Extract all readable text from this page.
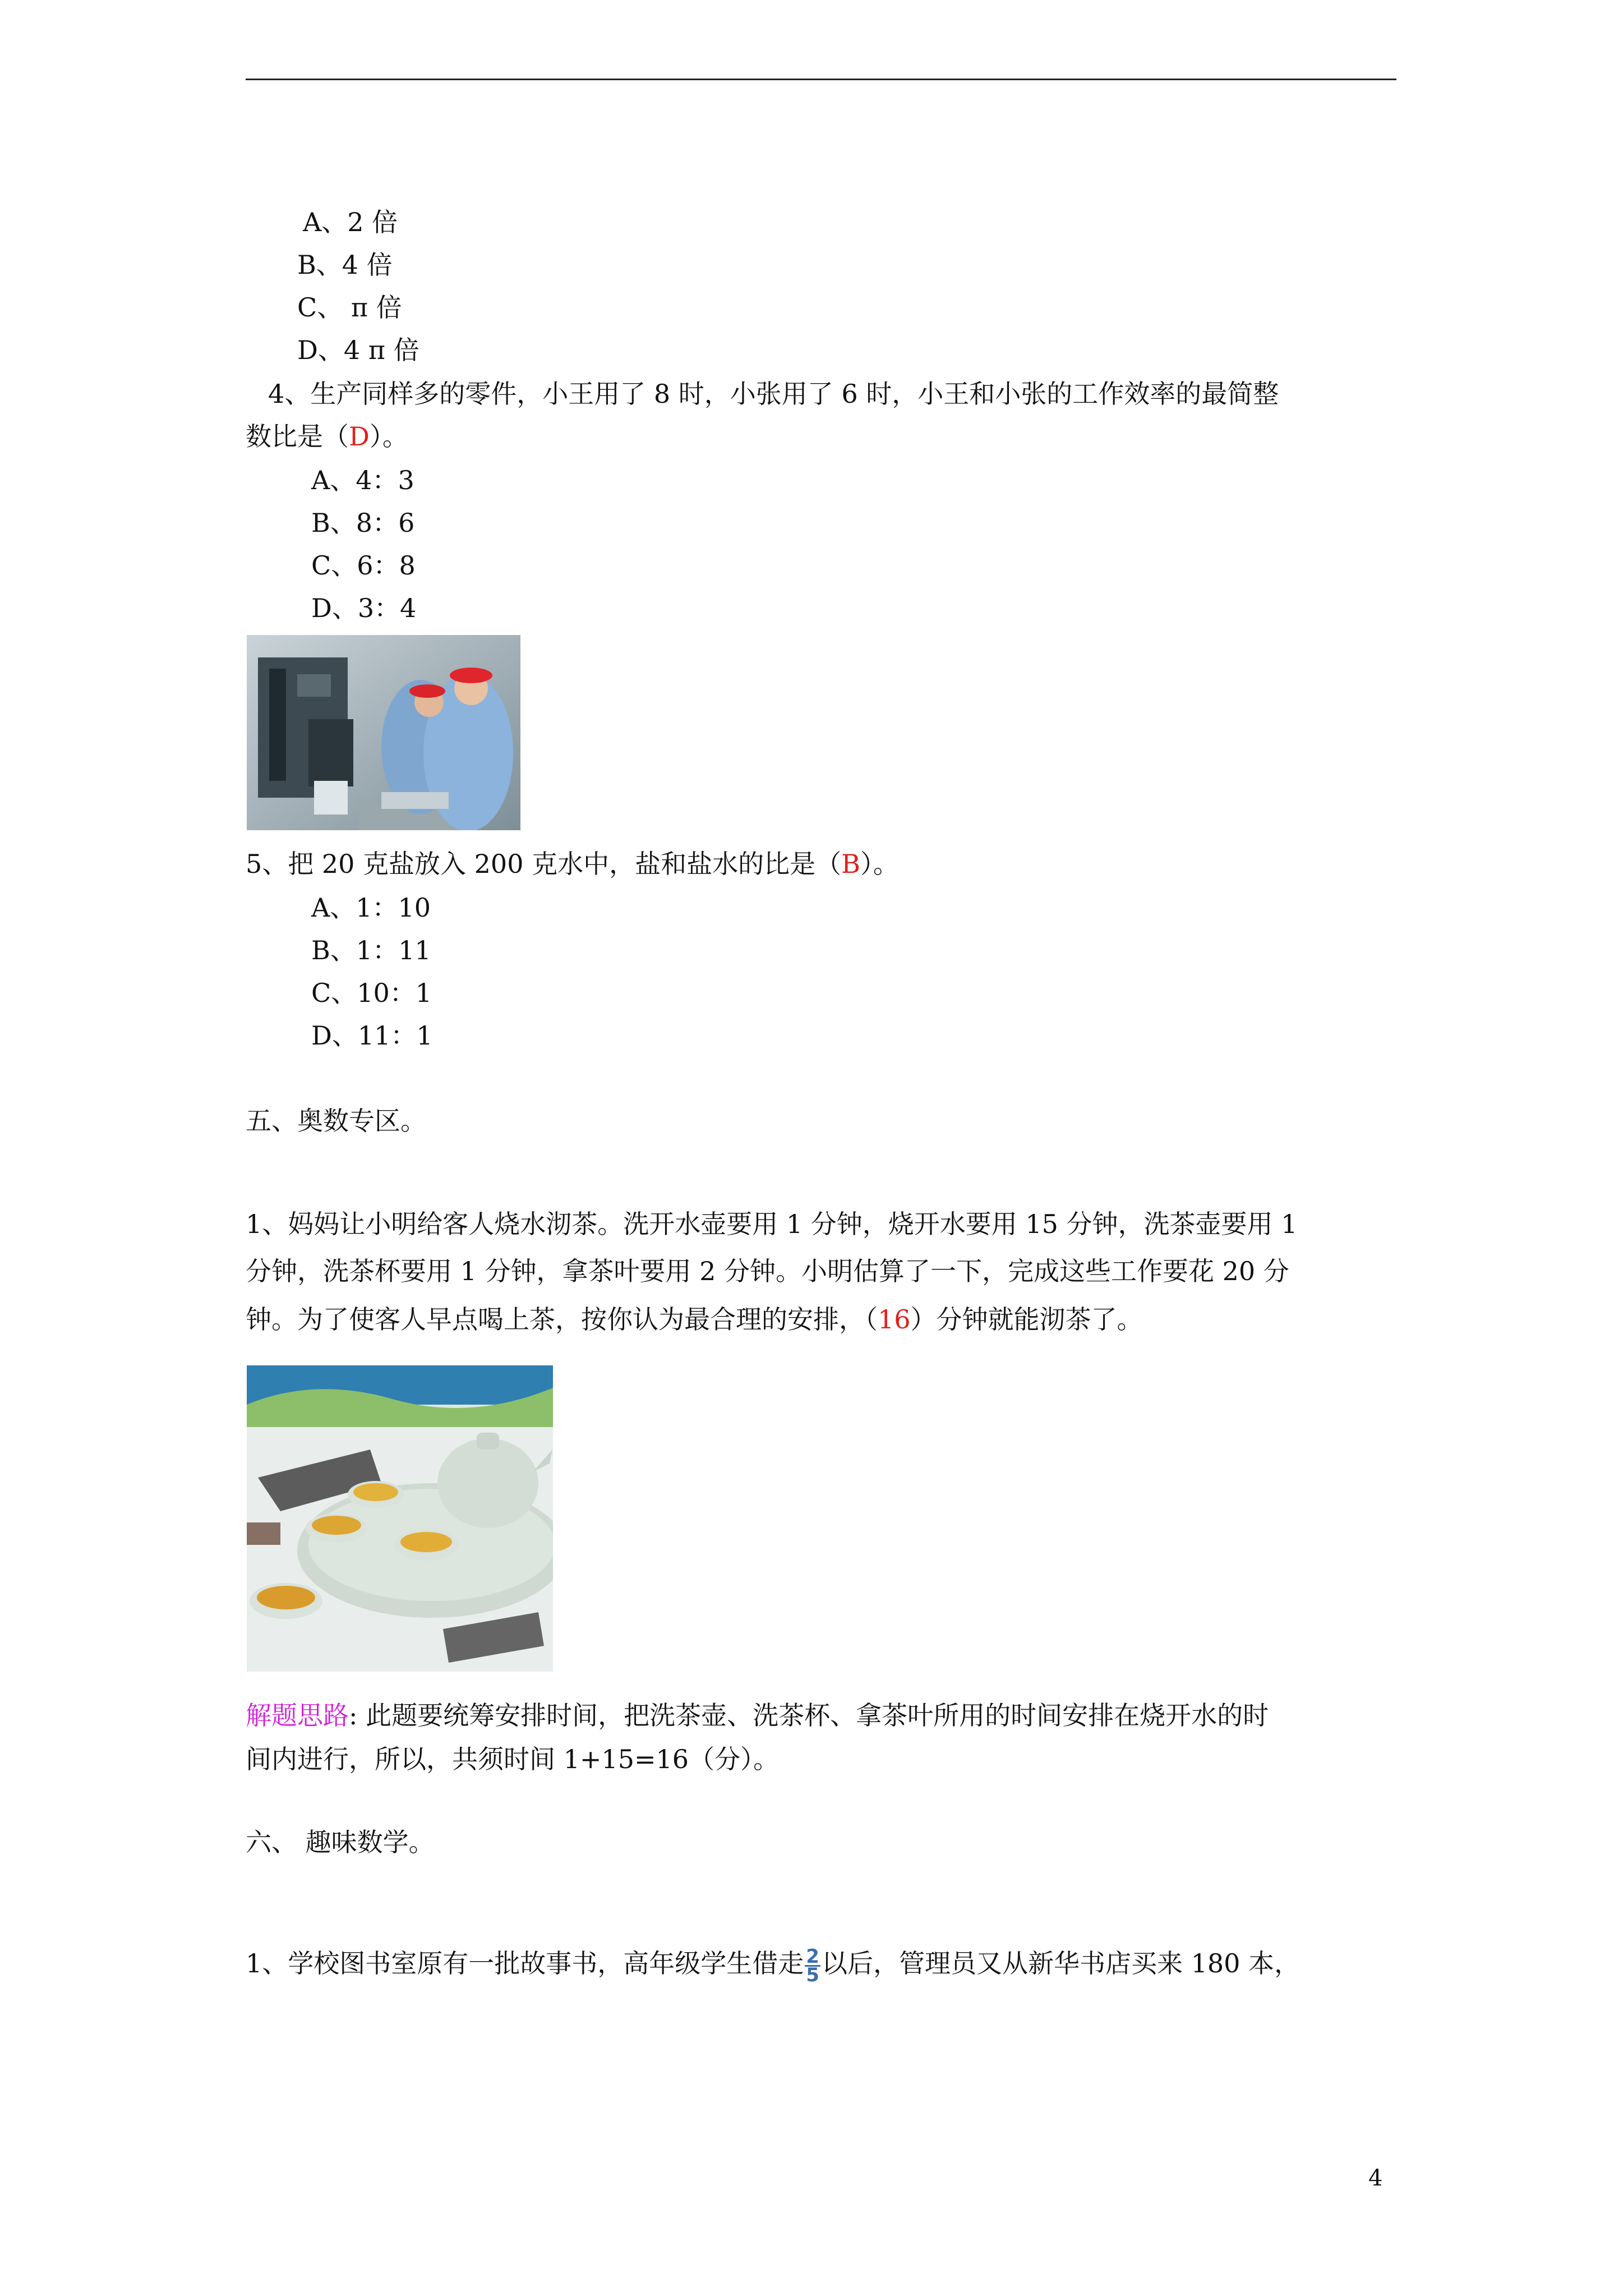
A、2 倍
B、4 倍
C、 π 倍
D、4 π 倍
4、生产同样多的零件，小王用了 8 时，小张用了 6 时，小王和小张的工作效率的最简整
数比是（D）。
A、4：3
B、8：6
C、6：8
D、3：4
5、把 20 克盐放入 200 克水中，盐和盐水的比是（B）。
A、1：10
B、1：11
C、10：1
D、11：1
五、奥数专区。
1、妈妈让小明给客人烧水沏茶。洗开水壶要用 1 分钟，烧开水要用 15 分钟，洗茶壶要用 1
分钟，洗茶杯要用 1 分钟，拿茶叶要用 2 分钟。小明估算了一下，完成这些工作要花 20 分
钟。为了使客人早点喝上茶，按你认为最合理的安排，（16）分钟就能沏茶了。
解题思路: 此题要统筹安排时间，把洗茶壶、洗茶杯、拿茶叶所用的时间安排在烧开水的时
间内进行，所以，共须时间 1+15=16（分）。
六、 趣味数学。
1、学校图书室原有一批故事书，高年级学生借走 $\frac{2}{5}$ 以后，管理员又从新华书店买来 180 本，
4
